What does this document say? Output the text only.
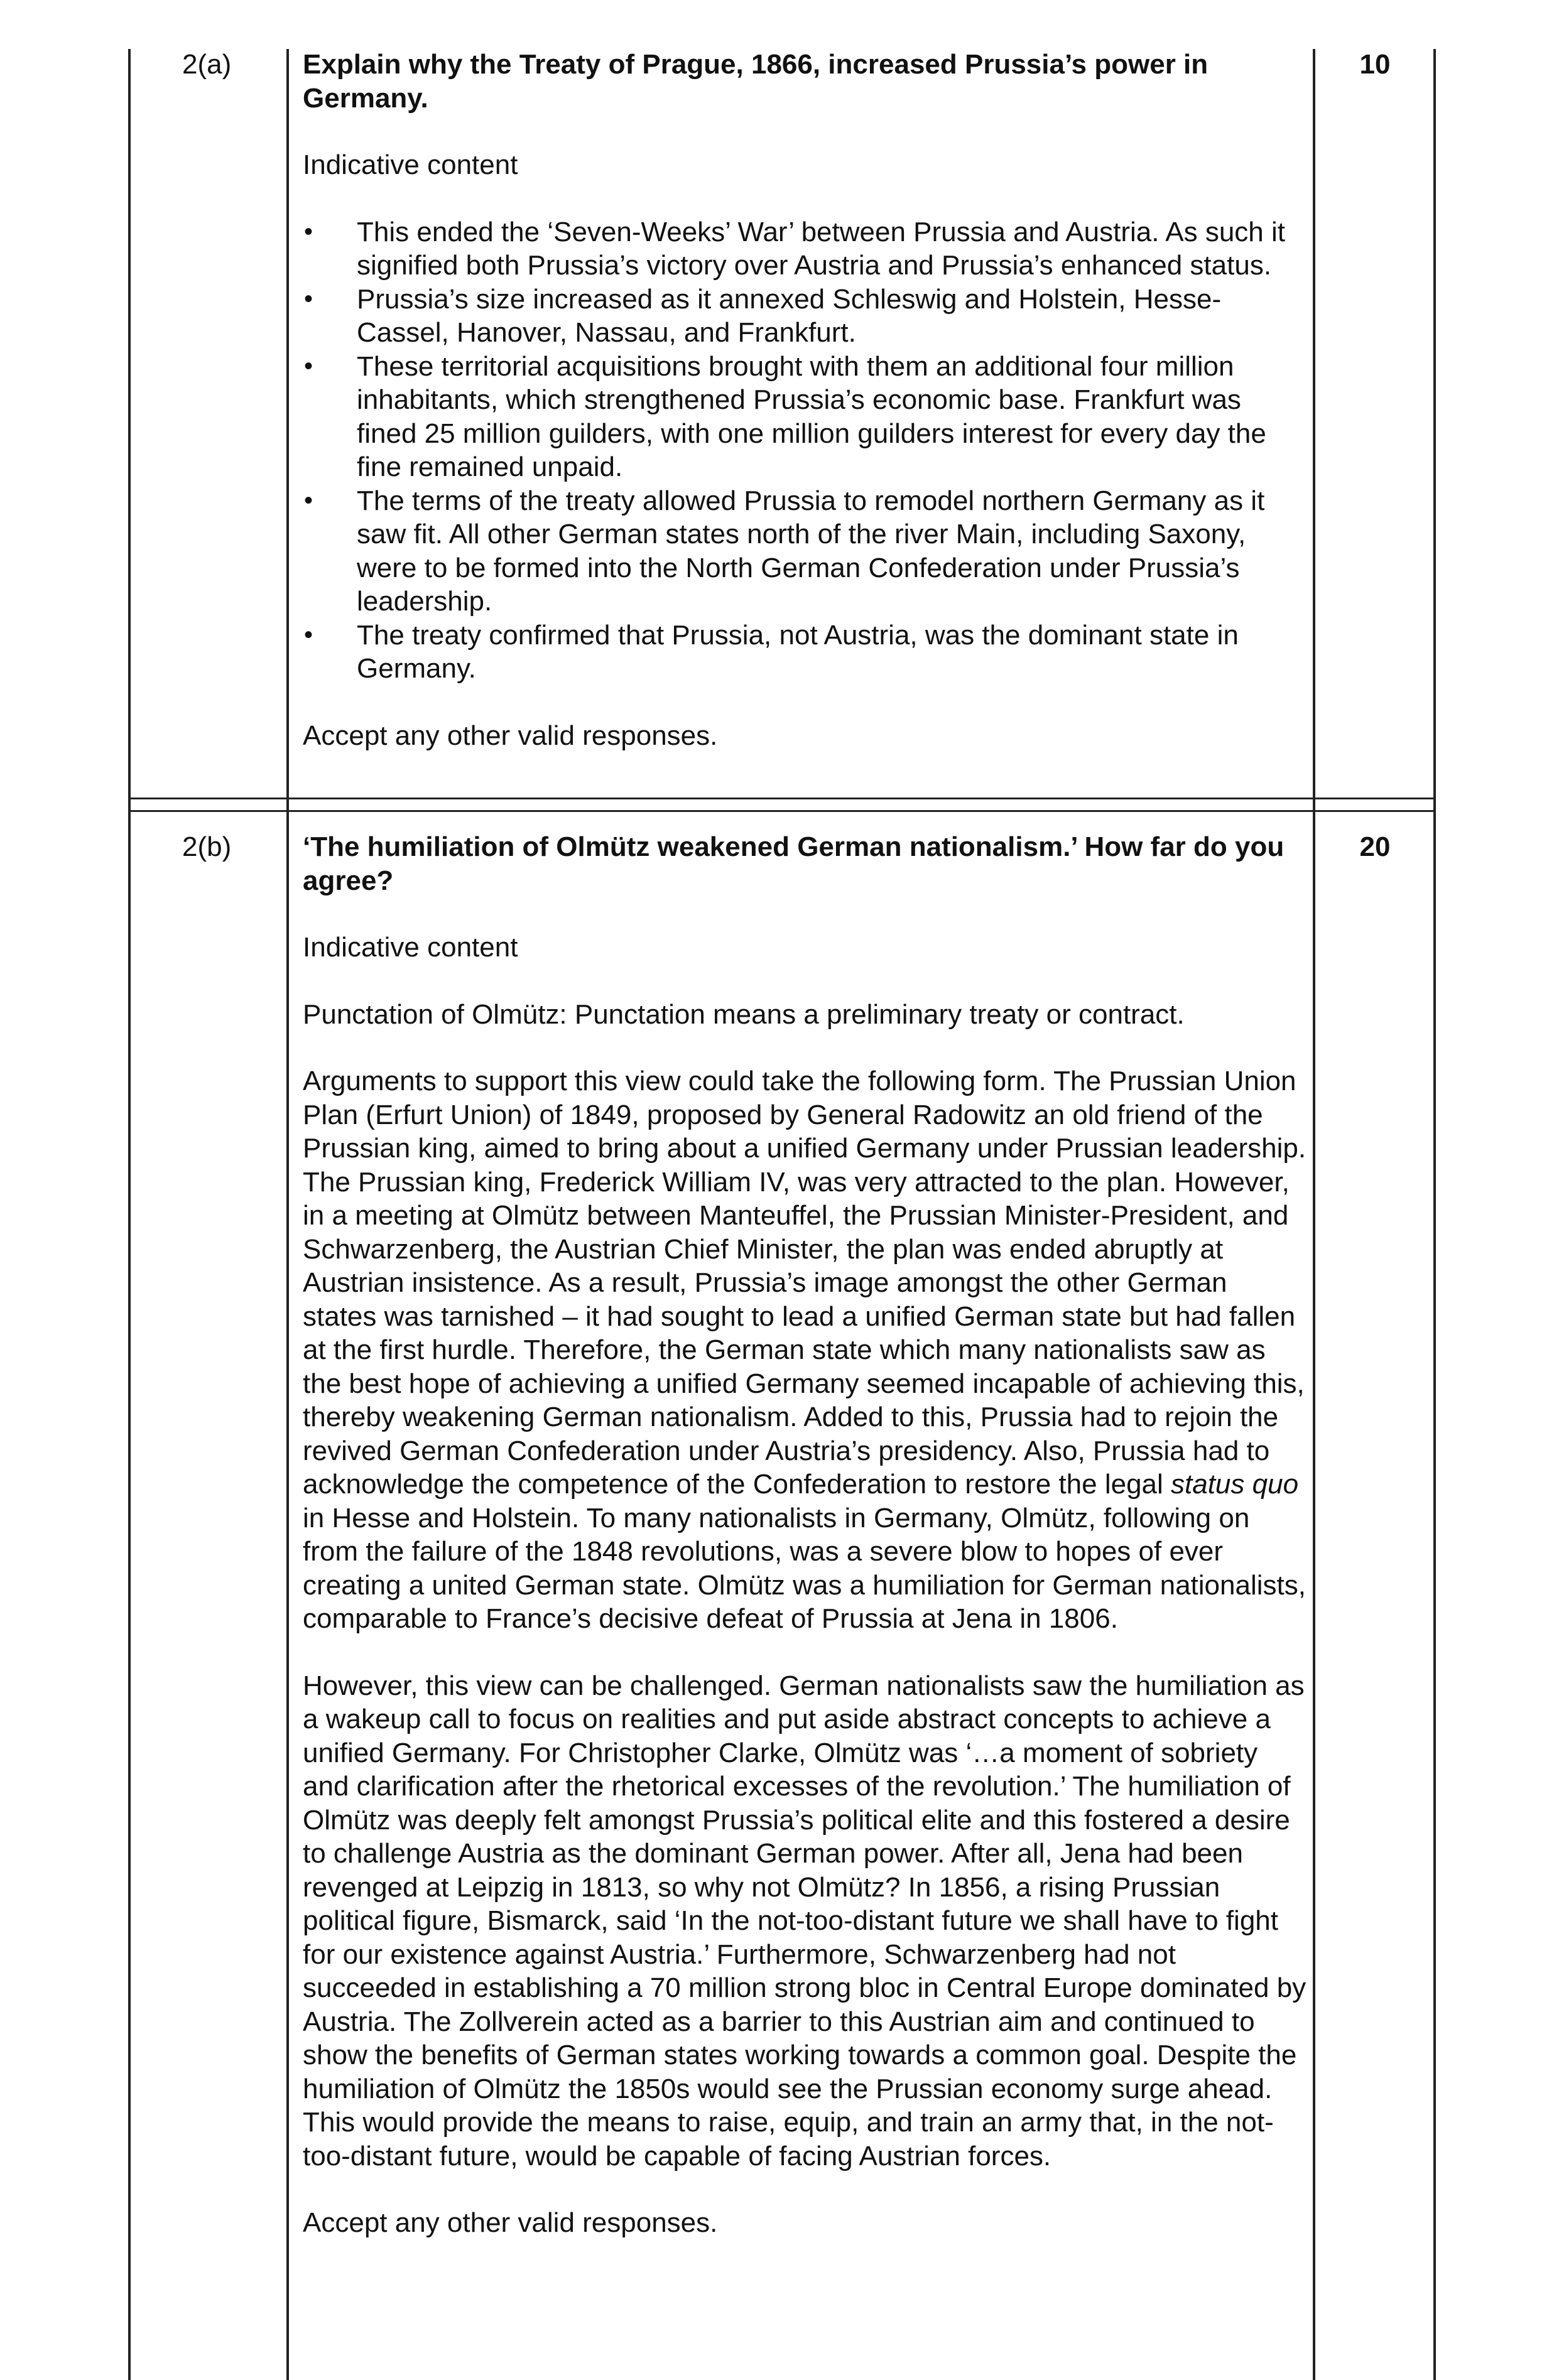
2(a)	10

Explain why the Treaty of Prague, 1866, increased Prussia’s power in Germany.

Indicative content

• This ended the ‘Seven-Weeks’ War’ between Prussia and Austria. As such it signified both Prussia’s victory over Austria and Prussia’s enhanced status.
• Prussia’s size increased as it annexed Schleswig and Holstein, Hesse-Cassel, Hanover, Nassau, and Frankfurt.
• These territorial acquisitions brought with them an additional four million inhabitants, which strengthened Prussia’s economic base. Frankfurt was fined 25 million guilders, with one million guilders interest for every day the fine remained unpaid.
• The terms of the treaty allowed Prussia to remodel northern Germany as it saw fit. All other German states north of the river Main, including Saxony, were to be formed into the North German Confederation under Prussia’s leadership.
• The treaty confirmed that Prussia, not Austria, was the dominant state in Germany.

Accept any other valid responses.

2(b)	20

‘The humiliation of Olmütz weakened German nationalism.’ How far do you agree?

Indicative content

Punctation of Olmütz: Punctation means a preliminary treaty or contract.

Arguments to support this view could take the following form. The Prussian Union Plan (Erfurt Union) of 1849, proposed by General Radowitz an old friend of the Prussian king, aimed to bring about a unified Germany under Prussian leadership. The Prussian king, Frederick William IV, was very attracted to the plan. However, in a meeting at Olmütz between Manteuffel, the Prussian Minister-President, and Schwarzenberg, the Austrian Chief Minister, the plan was ended abruptly at Austrian insistence. As a result, Prussia’s image amongst the other German states was tarnished – it had sought to lead a unified German state but had fallen at the first hurdle. Therefore, the German state which many nationalists saw as the best hope of achieving a unified Germany seemed incapable of achieving this, thereby weakening German nationalism. Added to this, Prussia had to rejoin the revived German Confederation under Austria’s presidency. Also, Prussia had to acknowledge the competence of the Confederation to restore the legal status quo in Hesse and Holstein. To many nationalists in Germany, Olmütz, following on from the failure of the 1848 revolutions, was a severe blow to hopes of ever creating a united German state. Olmütz was a humiliation for German nationalists, comparable to France’s decisive defeat of Prussia at Jena in 1806.

However, this view can be challenged. German nationalists saw the humiliation as a wakeup call to focus on realities and put aside abstract concepts to achieve a unified Germany. For Christopher Clarke, Olmütz was ‘…a moment of sobriety and clarification after the rhetorical excesses of the revolution.’ The humiliation of Olmütz was deeply felt amongst Prussia’s political elite and this fostered a desire to challenge Austria as the dominant German power. After all, Jena had been revenged at Leipzig in 1813, so why not Olmütz? In 1856, a rising Prussian political figure, Bismarck, said ‘In the not-too-distant future we shall have to fight for our existence against Austria.’ Furthermore, Schwarzenberg had not succeeded in establishing a 70 million strong bloc in Central Europe dominated by Austria. The Zollverein acted as a barrier to this Austrian aim and continued to show the benefits of German states working towards a common goal. Despite the humiliation of Olmütz the 1850s would see the Prussian economy surge ahead. This would provide the means to raise, equip, and train an army that, in the not-too-distant future, would be capable of facing Austrian forces.

Accept any other valid responses.
